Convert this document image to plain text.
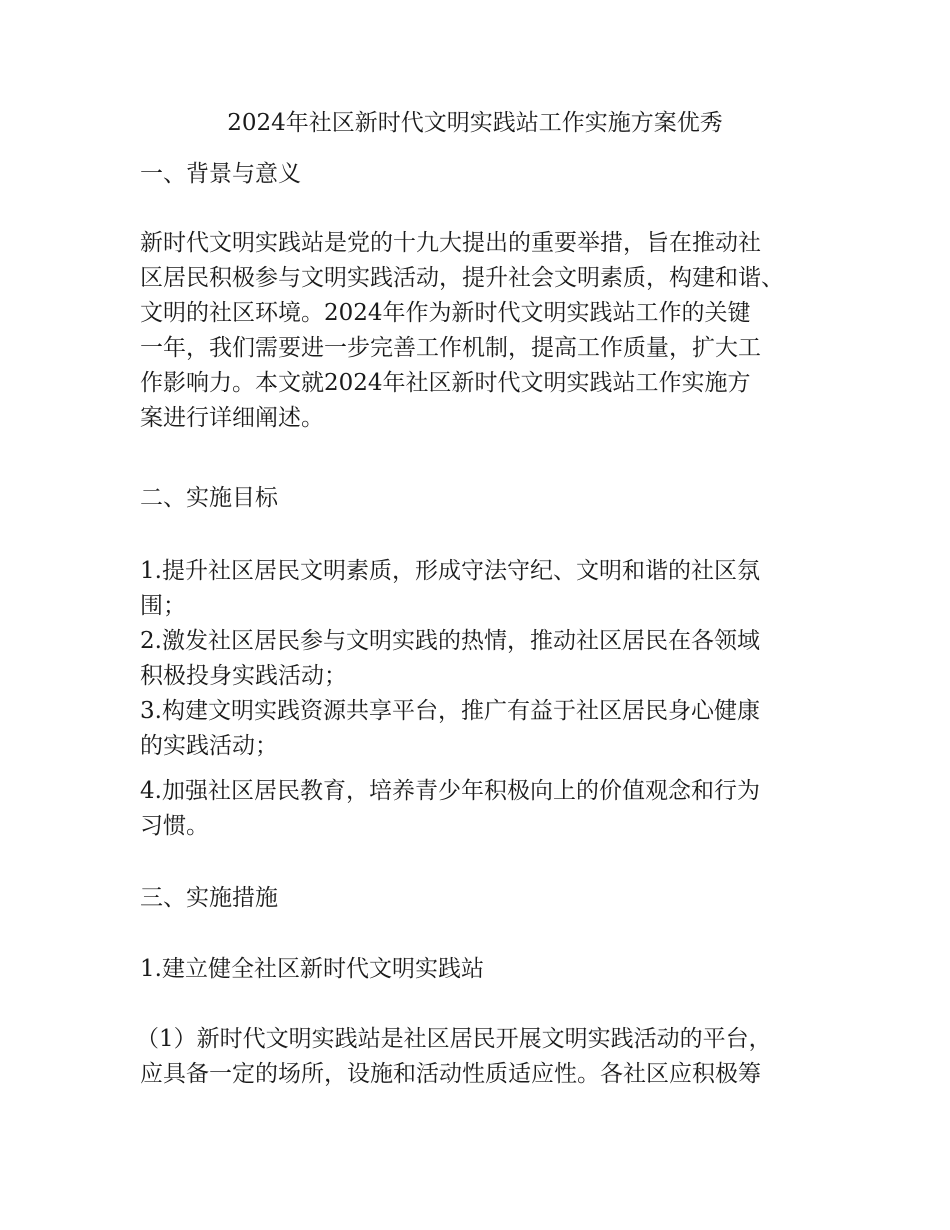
2024年社区新时代文明实践站工作实施方案优秀
一、背景与意义

新时代文明实践站是党的十九大提出的重要举措，旨在推动社

区居民积极参与文明实践活动，提升社会文明素质，构建和谐、

文明的社区环境。2024年作为新时代文明实践站工作的关键

一年，我们需要进一步完善工作机制，提高工作质量，扩大工

作影响力。本文就2024年社区新时代文明实践站工作实施方

案进行详细阐述。

二、实施目标

1.提升社区居民文明素质，形成守法守纪、文明和谐的社区氛

围；

2.激发社区居民参与文明实践的热情，推动社区居民在各领域

积极投身实践活动；

3.构建文明实践资源共享平台，推广有益于社区居民身心健康

的实践活动；

4.加强社区居民教育，培养青少年积极向上的价值观念和行为

习惯。

三、实施措施
1.建立健全社区新时代文明实践站

（1）新时代文明实践站是社区居民开展文明实践活动的平台，

应具备一定的场所，设施和活动性质适应性。各社区应积极筹
